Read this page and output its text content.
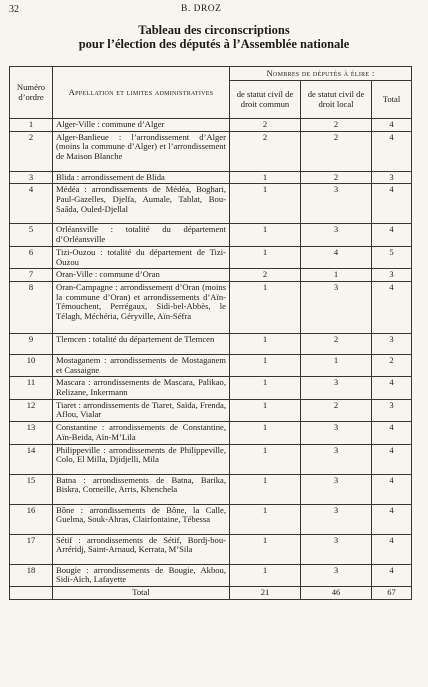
32	B. DROZ
Tableau des circonscriptions
pour l’élection des députés à l’Assemblée nationale
Numéro d’ordre	Appellation et limites administratives	Nombres de députés à élire :		
		de statut civil de droit commun	de statut civil de droit local	Total
1	Alger-Ville : commune d’Alger	2	2	4
2	Alger-Banlieue : l’arrondissement d’Alger (moins la commune d’Alger) et l’arrondissement de Maison Blanche	2	2	4
3	Blida : arrondissement de Blida	1	2	3
4	Médéa : arrondissements de Médéa, Boghari, Paul-Gazelles, Djelfa, Aumale, Tablat, Bou-Saâda, Ouled-Djellal	1	3	4
5	Orléansville : totalité du département d’Orléansville	1	3	4
6	Tizi-Ouzou : totalité du département de Tizi-Ouzou	1	4	5
7	Oran-Ville : commune d’Oran	2	1	3
8	Oran-Campagne : arrondissement d’Oran (moins la commune d’Oran) et arrondissements d’Aïn-Témouchent, Perrégaux, Sidi-bel-Abbès, le Télagh, Méchéria, Géryville, Aïn-Séfra	1	3	4
9	Tlemcen : totalité du département de Tlemcen	1	2	3
10	Mostaganem : arrondissements de Mostaganem et Cassaigne	1	1	2
11	Mascara : arrondissements de Mascara, Palikao, Relizane, Inkermann	1	3	4
12	Tiaret : arrondissements de Tiaret, Saïda, Frenda, Aflou, Vialar	1	2	3
13	Constantine : arrondissements de Constantine, Aïn-Beida, Aïn-M’Lila	1	3	4
14	Philippeville : arrondissements de Philippeville, Colo, El Milla, Djidjelli, Mila	1	3	4
15	Batna : arrondissements de Batna, Barika, Biskra, Corneille, Arris, Khenchela	1	3	4
16	Bône : arrondissements de Bône, la Calle, Guelma, Souk-Ahras, Clairfontaine, Tébessa	1	3	4
17	Sétif : arrondissements de Sétif, Bordj-bou-Arréridj, Saint-Arnaud, Kerrata, M’Sila	1	3	4
18	Bougie : arrondissements de Bougie, Akbou, Sidi-Aïch, Lafayette	1	3	4
	Total	21	46	67
